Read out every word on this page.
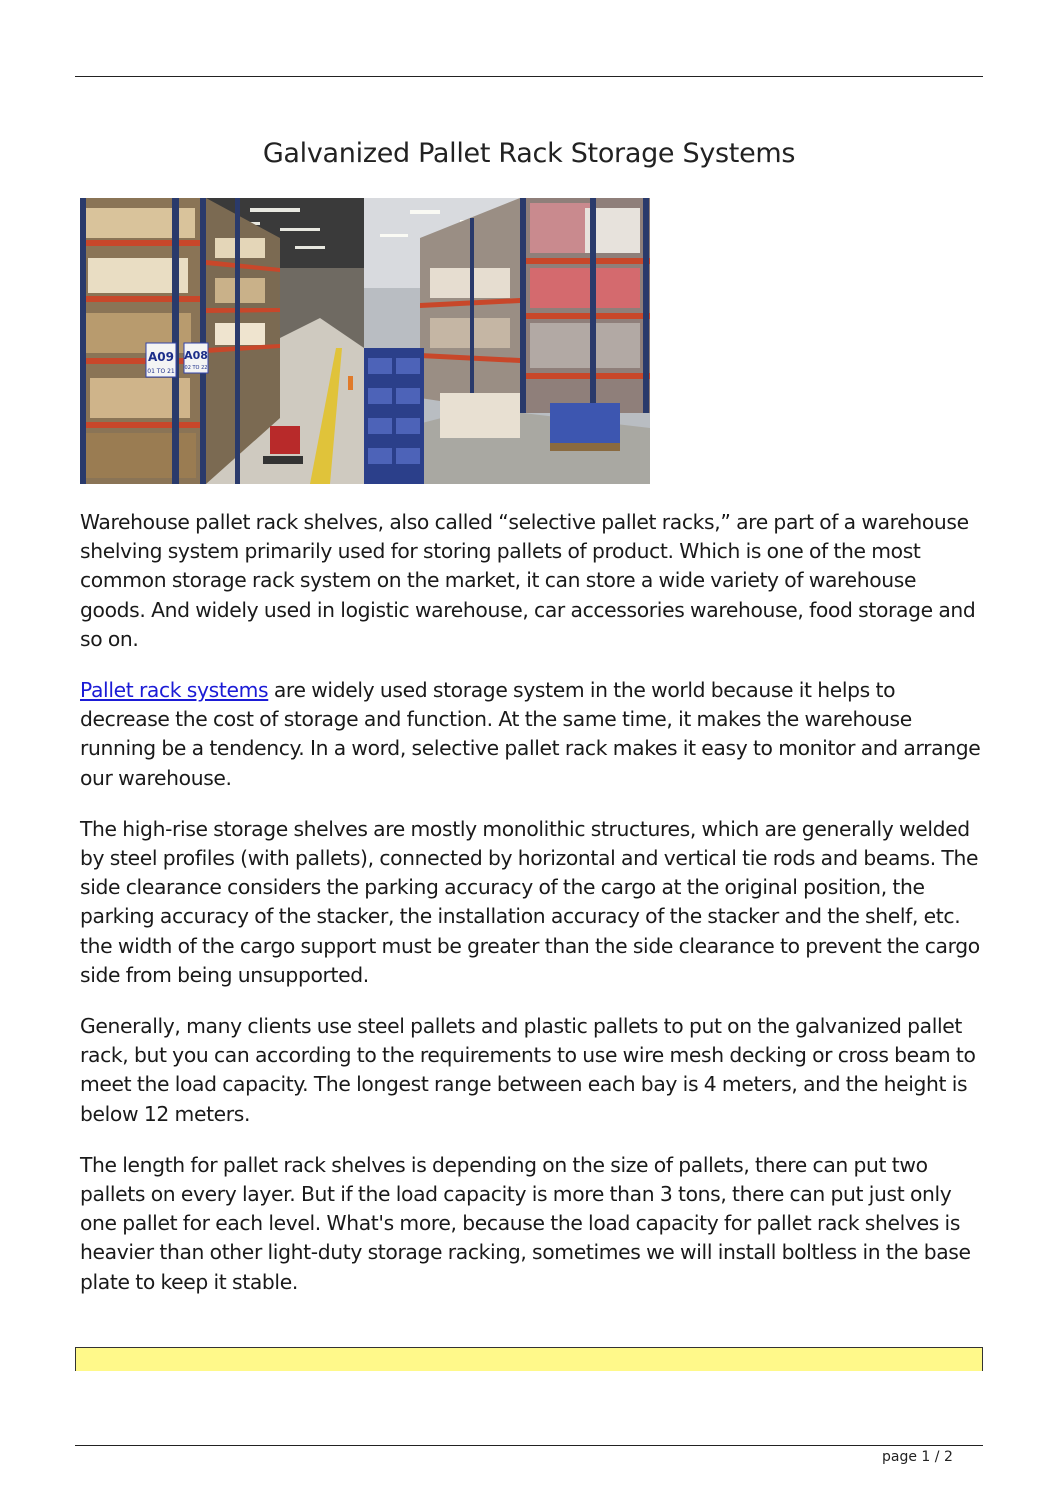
Galvanized Pallet Rack Storage Systems
A09
01 TO 21
A08
02 TO 22

Warehouse pallet rack shelves, also called “selective pallet racks,” are part of a warehouse shelving system primarily used for storing pallets of product. Which is one of the most common storage rack system on the market, it can store a wide variety of warehouse goods. And widely used in logistic warehouse, car accessories warehouse, food storage and so on.

Pallet rack systems are widely used storage system in the world because it helps to decrease the cost of storage and function. At the same time, it makes the warehouse running be a tendency. In a word, selective pallet rack makes it easy to monitor and arrange our warehouse.

The high-rise storage shelves are mostly monolithic structures, which are generally welded by steel profiles (with pallets), connected by horizontal and vertical tie rods and beams. The side clearance considers the parking accuracy of the cargo at the original position, the parking accuracy of the stacker, the installation accuracy of the stacker and the shelf, etc. the width of the cargo support must be greater than the side clearance to prevent the cargo side from being unsupported.

Generally, many clients use steel pallets and plastic pallets to put on the galvanized pallet rack, but you can according to the requirements to use wire mesh decking or cross beam to meet the load capacity. The longest range between each bay is 4 meters, and the height is below 12 meters.

The length for pallet rack shelves is depending on the size of pallets, there can put two pallets on every layer. But if the load capacity is more than 3 tons, there can put just only one pallet for each level. What's more, because the load capacity for pallet rack shelves is heavier than other light-duty storage racking, sometimes we will install boltless in the base plate to keep it stable.

page 1 / 2
